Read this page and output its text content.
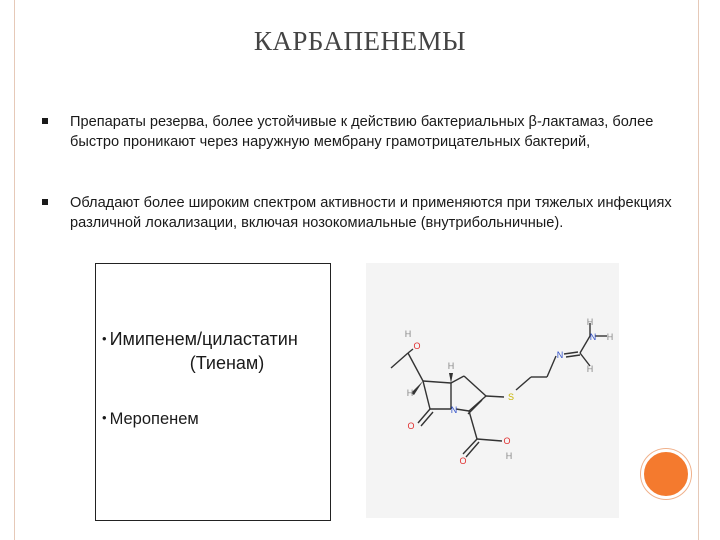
КАРБАПЕНЕМЫ
Препараты резерва, более устойчивые к действию бактериальных β-лактамаз, более быстро проникают через наружную мембрану грамотрицательных бактерий,
Обладают более широким спектром активности и применяются при тяжелых инфекциях различной локализации, включая нозокомиальные (внутрибольничные).
• Имипенем/циластатин
(Тиенам)
• Меропенем
H
O
H
H
O
N
S
N
H
N H
H
O
O
H
